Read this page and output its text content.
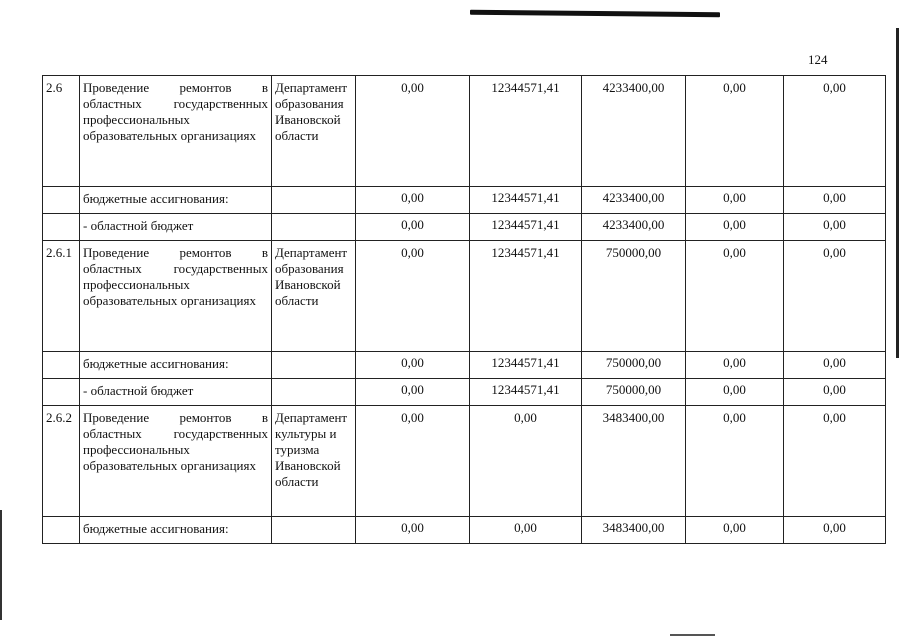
124
2.6	Проведение ремонтов в областных государственных профессиональных образовательных организациях	Департамент образования Ивановской области	0,00	12344571,41	4233400,00	0,00	0,00
	бюджетные ассигнования:		0,00	12344571,41	4233400,00	0,00	0,00
	- областной бюджет		0,00	12344571,41	4233400,00	0,00	0,00
2.6.1	Проведение ремонтов в областных государственных профессиональных образовательных организациях	Департамент образования Ивановской области	0,00	12344571,41	750000,00	0,00	0,00
	бюджетные ассигнования:		0,00	12344571,41	750000,00	0,00	0,00
	- областной бюджет		0,00	12344571,41	750000,00	0,00	0,00
2.6.2	Проведение ремонтов в областных государственных профессиональных образовательных организациях	Департамент культуры и туризма Ивановской области	0,00	0,00	3483400,00	0,00	0,00
	бюджетные ассигнования:		0,00	0,00	3483400,00	0,00	0,00
